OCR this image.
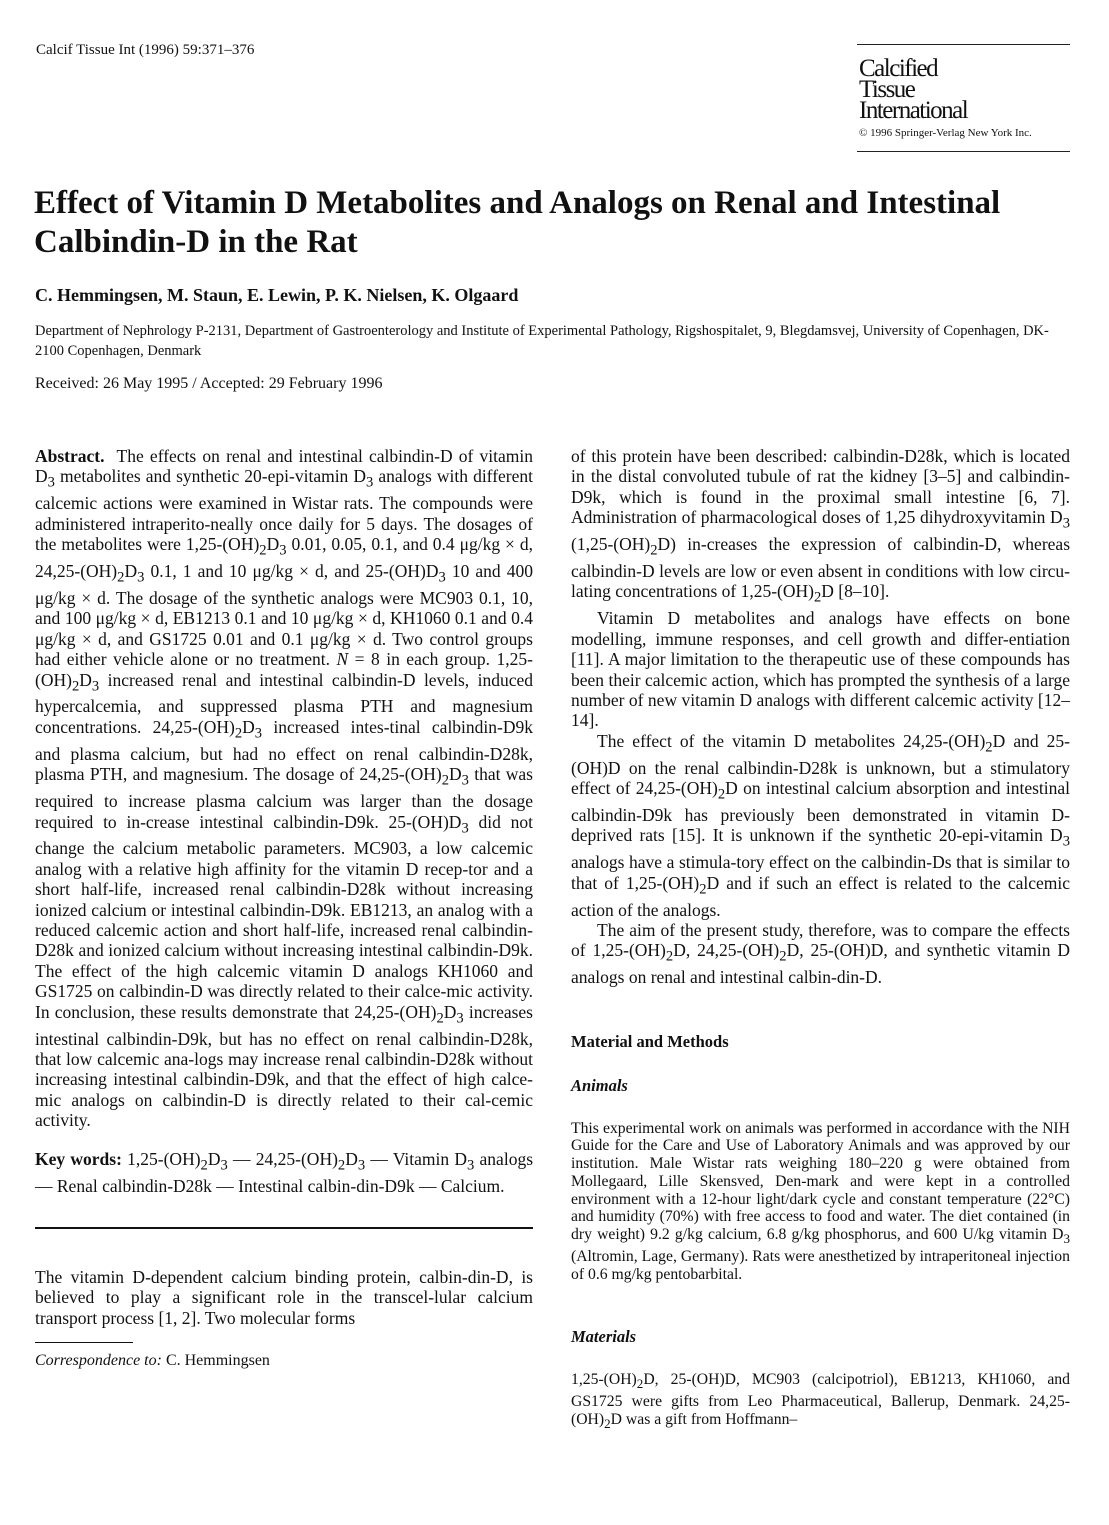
Calcif Tissue Int (1996) 59:371–376
Calcified
Tissue
International
© 1996 Springer-Verlag New York Inc.
Effect of Vitamin D Metabolites and Analogs on Renal and Intestinal Calbindin-D in the Rat
C. Hemmingsen, M. Staun, E. Lewin, P. K. Nielsen, K. Olgaard
Department of Nephrology P-2131, Department of Gastroenterology and Institute of Experimental Pathology, Rigshospitalet, 9, Blegdamsvej, University of Copenhagen, DK-2100 Copenhagen, Denmark
Received: 26 May 1995 / Accepted: 29 February 1996

Abstract. The effects on renal and intestinal calbindin-D of vitamin $D_3$ metabolites and synthetic 20-epi-vitamin $D_3$ analogs with different calcemic actions were examined in Wistar rats. The compounds were administered intraperito-neally once daily for 5 days. The dosages of the metabolites were $1,25-(OH)_2D_3$ 0.01, 0.05, 0.1, and 0.4 μg/kg × d, $24,25-(OH)_2D_3$ 0.1, 1 and 10 μg/kg × d, and $25-(OH)D_3$ 10 and 400 μg/kg × d. The dosage of the synthetic analogs were MC903 0.1, 10, and 100 μg/kg × d, EB1213 0.1 and 10 μg/kg × d, KH1060 0.1 and 0.4 μg/kg × d, and GS1725 0.01 and 0.1 μg/kg × d. Two control groups had either vehicle alone or no treatment. N = 8 in each group. $1,25-(OH)_2D_3$ increased renal and intestinal calbindin-D levels, induced hypercalcemia, and suppressed plasma PTH and magnesium concentrations. $24,25-(OH)_2D_3$ increased intes-tinal calbindin-D9k and plasma calcium, but had no effect on renal calbindin-D28k, plasma PTH, and magnesium. The dosage of $24,25-(OH)_2D_3$ that was required to increase plasma calcium was larger than the dosage required to in-crease intestinal calbindin-D9k. $25-(OH)D_3$ did not change the calcium metabolic parameters. MC903, a low calcemic analog with a relative high affinity for the vitamin D recep-tor and a short half-life, increased renal calbindin-D28k without increasing ionized calcium or intestinal calbindin-D9k. EB1213, an analog with a reduced calcemic action and short half-life, increased renal calbindin-D28k and ionized calcium without increasing intestinal calbindin-D9k. The effect of the high calcemic vitamin D analogs KH1060 and GS1725 on calbindin-D was directly related to their calce-mic activity. In conclusion, these results demonstrate that $24,25-(OH)_2D_3$ increases intestinal calbindin-D9k, but has no effect on renal calbindin-D28k, that low calcemic ana-logs may increase renal calbindin-D28k without increasing intestinal calbindin-D9k, and that the effect of high calce-mic analogs on calbindin-D is directly related to their cal-cemic activity.

Key words: $1,25-(OH)_2D_3$ — $24,25-(OH)_2D_3$ — Vitamin $D_3$ analogs — Renal calbindin-D28k — Intestinal calbin-din-D9k — Calcium.

The vitamin D-dependent calcium binding protein, calbin-din-D, is believed to play a significant role in the transcel-lular calcium transport process [1, 2]. Two molecular forms

Correspondence to: C. Hemmingsen

of this protein have been described: calbindin-D28k, which is located in the distal convoluted tubule of rat the kidney [3–5] and calbindin-D9k, which is found in the proximal small intestine [6, 7]. Administration of pharmacological doses of 1,25 dihydroxyvitamin $D_3$ $(1,25-(OH)_2D)$ in-creases the expression of calbindin-D, whereas calbindin-D levels are low or even absent in conditions with low circu-lating concentrations of $1,25-(OH)_2D$ [8–10].

Vitamin D metabolites and analogs have effects on bone modelling, immune responses, and cell growth and differ-entiation [11]. A major limitation to the therapeutic use of these compounds has been their calcemic action, which has prompted the synthesis of a large number of new vitamin D analogs with different calcemic activity [12–14].

The effect of the vitamin D metabolites $24,25-(OH)_2D$ and 25-(OH)D on the renal calbindin-D28k is unknown, but a stimulatory effect of $24,25-(OH)_2D$ on intestinal calcium absorption and intestinal calbindin-D9k has previously been demonstrated in vitamin D-deprived rats [15]. It is unknown if the synthetic 20-epi-vitamin $D_3$ analogs have a stimula-tory effect on the calbindin-Ds that is similar to that of $1,25-(OH)_2D$ and if such an effect is related to the calcemic action of the analogs.

The aim of the present study, therefore, was to compare the effects of $1,25-(OH)_2D$, $24,25-(OH)_2D$, 25-(OH)D, and synthetic vitamin D analogs on renal and intestinal calbin-din-D.

Material and Methods
Animals

This experimental work on animals was performed in accordance with the NIH Guide for the Care and Use of Laboratory Animals and was approved by our institution. Male Wistar rats weighing 180–220 g were obtained from Mollegaard, Lille Skensved, Den-mark and were kept in a controlled environment with a 12-hour light/dark cycle and constant temperature (22°C) and humidity (70%) with free access to food and water. The diet contained (in dry weight) 9.2 g/kg calcium, 6.8 g/kg phosphorus, and 600 U/kg vitamin $D_3$ (Altromin, Lage, Germany). Rats were anesthetized by intraperitoneal injection of 0.6 mg/kg pentobarbital.

Materials

$1,25-(OH)_2D$, 25-(OH)D, MC903 (calcipotriol), EB1213, KH1060, and GS1725 were gifts from Leo Pharmaceutical, Ballerup, Denmark. $24,25-(OH)_2D$ was a gift from Hoffmann–
